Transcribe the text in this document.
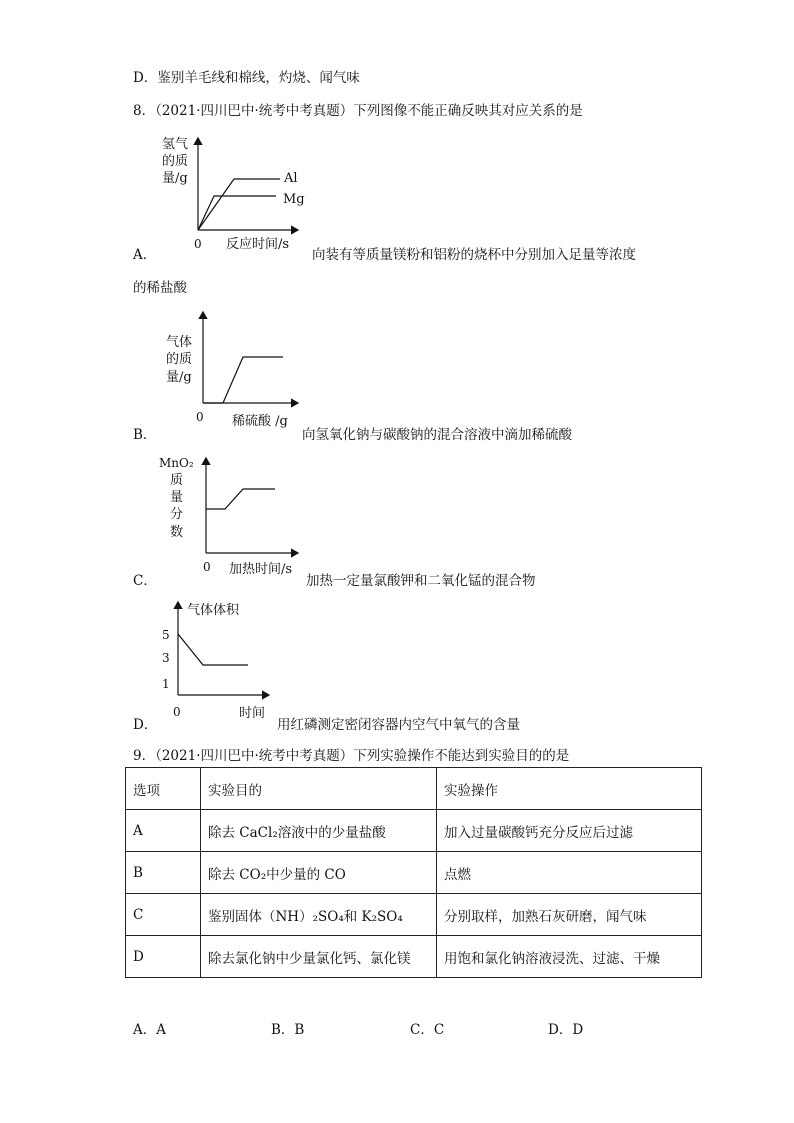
D．鉴别羊毛线和棉线，灼烧、闻气味
8．（2021·四川巴中·统考中考真题）下列图像不能正确反映其对应关系的是
氢气
的质
量/g	Al
Mg
0 反应时间/s
A．	向装有等质量镁粉和铝粉的烧杯中分别加入足量等浓度
的稀盐酸
气体
的质
量/g
0 稀硫酸 /g
B．	向氢氧化钠与碳酸钠的混合溶液中滴加稀硫酸
MnO₂
质
量
分
数
0 加热时间/s
C．	加热一定量氯酸钾和二氧化锰的混合物
气体体积
5
3
1
0	时间
D．	用红磷测定密闭容器内空气中氧气的含量
9．（2021·四川巴中·统考中考真题）下列实验操作不能达到实验目的的是
选项	实验目的	实验操作
A	除去 CaCl₂溶液中的少量盐酸	加入过量碳酸钙充分反应后过滤
B	除去 CO₂中少量的 CO	点燃
C	鉴别固体（NH）₂SO₄和 K₂SO₄	分别取样，加熟石灰研磨，闻气味
D	除去氯化钠中少量氯化钙、氯化镁	用饱和氯化钠溶液浸洗、过滤、干燥
A．A	B．B	C．C	D．D
